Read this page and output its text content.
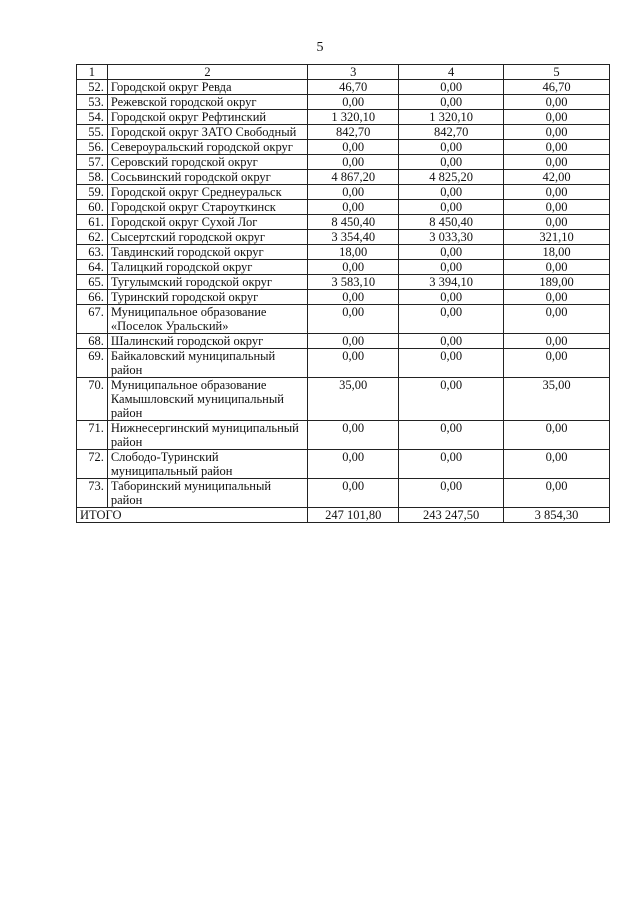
5
1	2	3	4	5
52.	Городской округ Ревда	46,70	0,00	46,70
53.	Режевской городской округ	0,00	0,00	0,00
54.	Городской округ Рефтинский	1 320,10	1 320,10	0,00
55.	Городской округ ЗАТО Свободный	842,70	842,70	0,00
56.	Североуральский городской округ	0,00	0,00	0,00
57.	Серовский городской округ	0,00	0,00	0,00
58.	Сосьвинский городской округ	4 867,20	4 825,20	42,00
59.	Городской округ Среднеуральск	0,00	0,00	0,00
60.	Городской округ Староуткинск	0,00	0,00	0,00
61.	Городской округ Сухой Лог	8 450,40	8 450,40	0,00
62.	Сысертский городской округ	3 354,40	3 033,30	321,10
63.	Тавдинский городской округ	18,00	0,00	18,00
64.	Талицкий городской округ	0,00	0,00	0,00
65.	Тугулымский городской округ	3 583,10	3 394,10	189,00
66.	Туринский городской округ	0,00	0,00	0,00
67.	Муниципальное образование «Поселок Уральский»	0,00	0,00	0,00
68.	Шалинский городской округ	0,00	0,00	0,00
69.	Байкаловский муниципальный район	0,00	0,00	0,00
70.	Муниципальное образование Камышловский муниципальный район	35,00	0,00	35,00
71.	Нижнесергинский муниципальный район	0,00	0,00	0,00
72.	Слободо-Туринский муниципальный район	0,00	0,00	0,00
73.	Таборинский муниципальный район	0,00	0,00	0,00
ИТОГО		247 101,80	243 247,50	3 854,30
